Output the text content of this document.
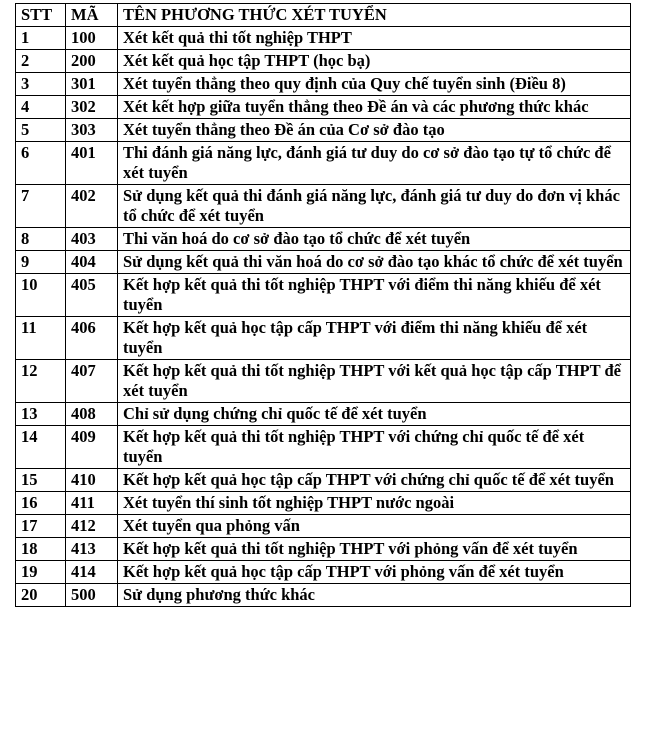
STT	MÃ	TÊN PHƯƠNG THỨC XÉT TUYỂN
1	100	Xét kết quả thi tốt nghiệp THPT
2	200	Xét kết quả học tập THPT (học bạ)
3	301	Xét tuyển thẳng theo quy định của Quy chế tuyển sinh (Điều 8)
4	302	Xét kết hợp giữa tuyển thẳng theo Đề án và các phương thức khác
5	303	Xét tuyển thẳng theo Đề án của Cơ sở đào tạo
6	401	Thi đánh giá năng lực, đánh giá tư duy do cơ sở đào tạo tự tổ chức để xét tuyển
7	402	Sử dụng kết quả thi đánh giá năng lực, đánh giá tư duy do đơn vị khác tổ chức để xét tuyển
8	403	Thi văn hoá do cơ sở đào tạo tổ chức để xét tuyển
9	404	Sử dụng kết quả thi văn hoá do cơ sở đào tạo khác tổ chức để xét tuyển
10	405	Kết hợp kết quả thi tốt nghiệp THPT với điểm thi năng khiếu để xét tuyển
11	406	Kết hợp kết quả học tập cấp THPT với điểm thi năng khiếu để xét tuyển
12	407	Kết hợp kết quả thi tốt nghiệp THPT với kết quả học tập cấp THPT để xét tuyển
13	408	Chỉ sử dụng chứng chỉ quốc tế để xét tuyển
14	409	Kết hợp kết quả thi tốt nghiệp THPT với chứng chỉ quốc tế để xét tuyển
15	410	Kết hợp kết quả học tập cấp THPT với chứng chỉ quốc tế để xét tuyển
16	411	Xét tuyển thí sinh tốt nghiệp THPT nước ngoài
17	412	Xét tuyển qua phỏng vấn
18	413	Kết hợp kết quả thi tốt nghiệp THPT với phỏng vấn để xét tuyển
19	414	Kết hợp kết quả học tập cấp THPT với phỏng vấn để xét tuyển
20	500	Sử dụng phương thức khác
